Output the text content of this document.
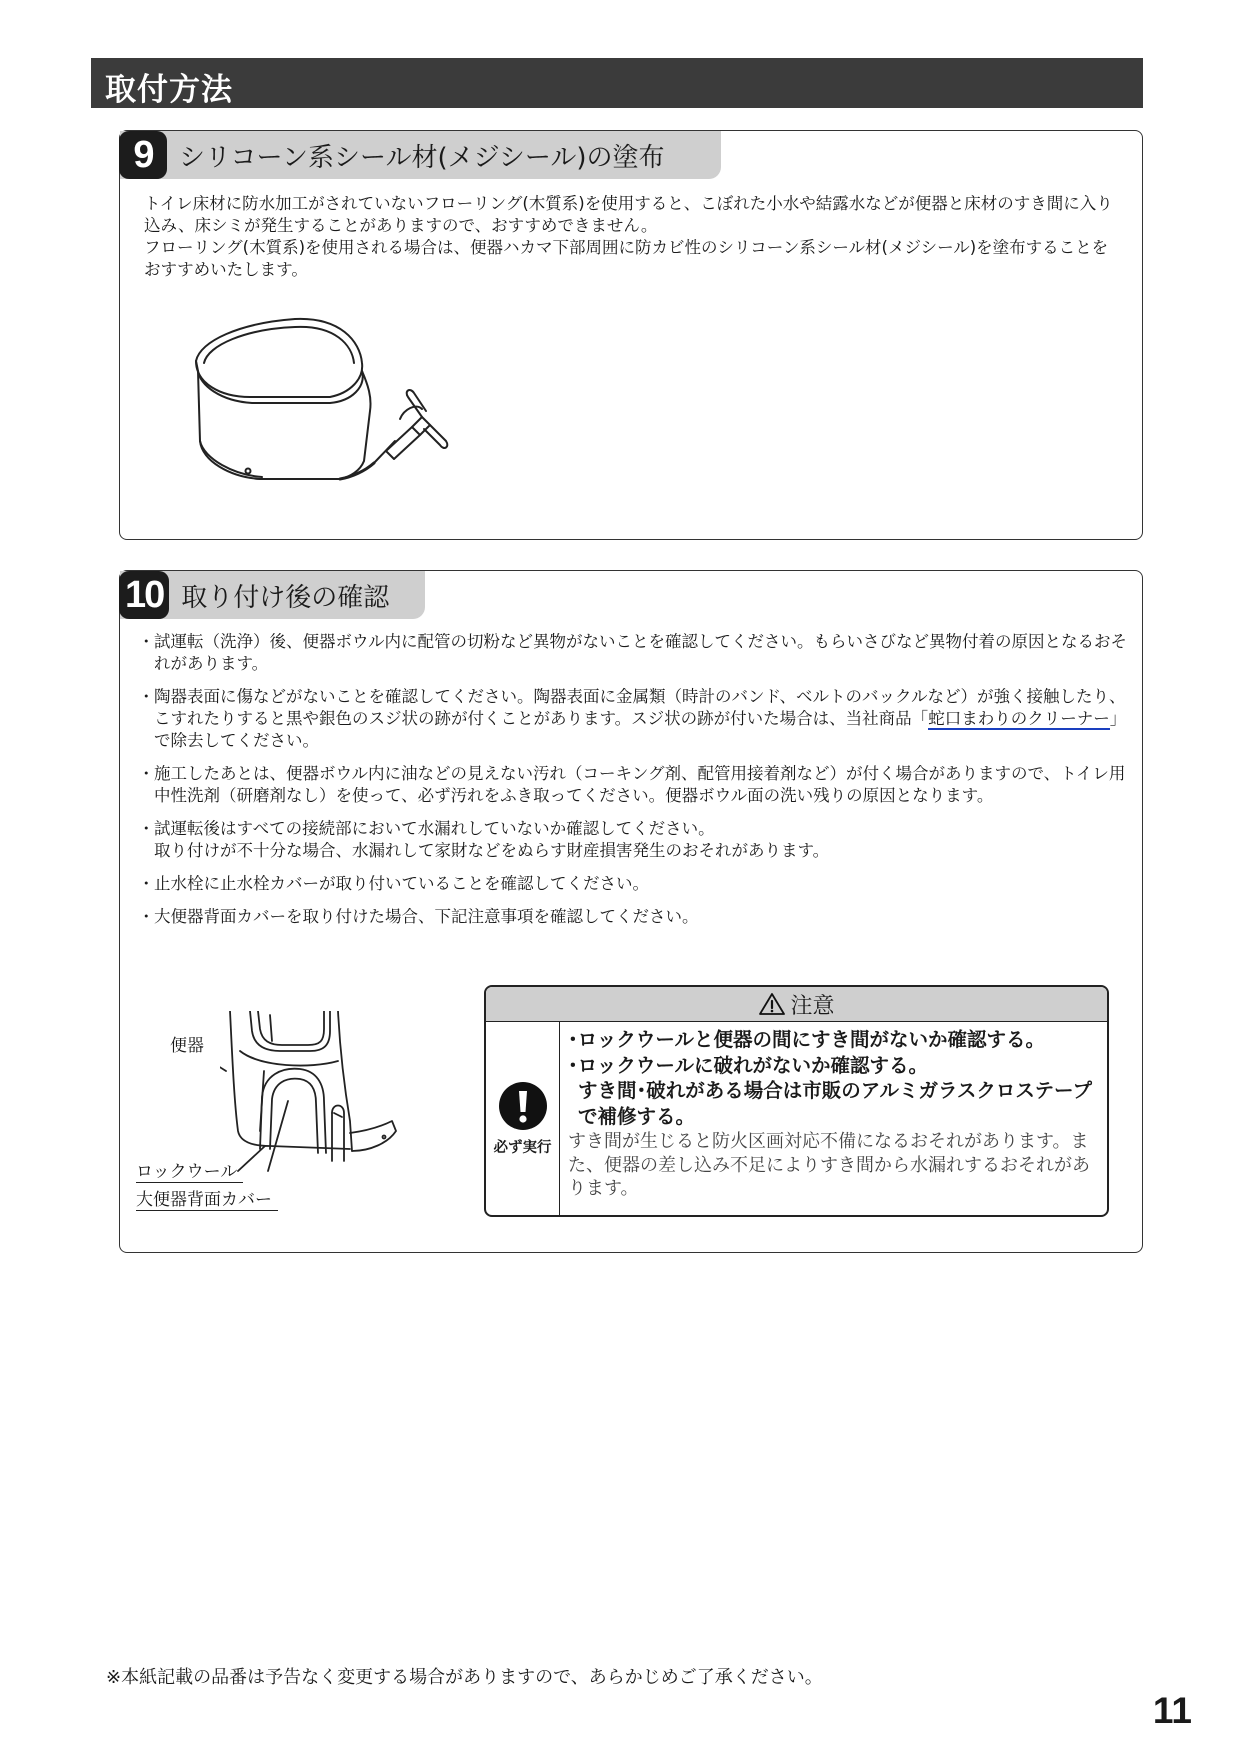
取付方法
9	シリコーン系シール材(メジシール)の塗布

トイレ床材に防水加工がされていないフローリング(木質系)を使用すると、こぼれた小水や結露水などが便器と床材のすき間に入り込み、床シミが発生することがありますので、おすすめできません。

フローリング(木質系)を使用される場合は、便器ハカマ下部周囲に防カビ性のシリコーン系シール材(メジシール)を塗布することをおすすめいたします。

10 取り付け後の確認
・ 試運転（洗浄）後、便器ボウル内に配管の切粉など異物がないことを確認してください。もらいさびなど異物付着の原因となるおそれがあります。
・ 陶器表面に傷などがないことを確認してください。陶器表面に金属類（時計のバンド、ベルトのバックルなど）が強く接触したり、こすれたりすると黒や銀色のスジ状の跡が付くことがあります。スジ状の跡が付いた場合は、当社商品「蛇口まわりのクリーナー」で除去してください。
・ 施工したあとは、便器ボウル内に油などの見えない汚れ（コーキング剤、配管用接着剤など）が付く場合がありますので、トイレ用中性洗剤（研磨剤なし）を使って、必ず汚れをふき取ってください。便器ボウル面の洗い残りの原因となります。
・ 試運転後はすべての接続部において水漏れしていないか確認してください。
取り付けが不十分な場合、水漏れして家財などをぬらす財産損害発生のおそれがあります。
・ 止水栓に止水栓カバーが取り付いていることを確認してください。
・ 大便器背面カバーを取り付けた場合、下記注意事項を確認してください。
便器
ロックウール
大便器背面カバー
注意
必ず実行
･ロックウールと便器の間にすき間がないか確認する。
･ロックウールに破れがないか確認する。
すき間･破れがある場合は市販のアルミガラスクロステープで補修する。
すき間が生じると防火区画対応不備になるおそれがあります。また、便器の差し込み不足によりすき間から水漏れするおそれがあります。
※本紙記載の品番は予告なく変更する場合がありますので、あらかじめご了承ください。
11
